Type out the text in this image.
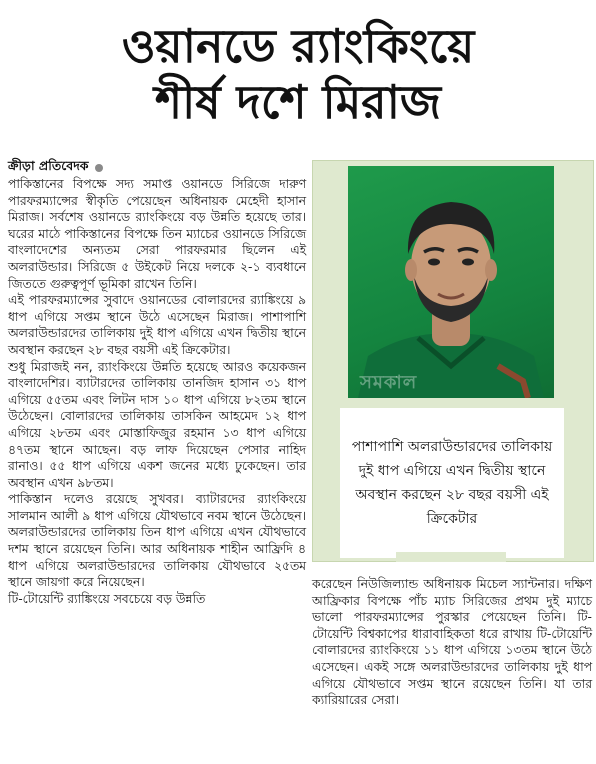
ওয়ানডে র‌্যাংকিংয়ে
শীর্ষ দশে মিরাজ
ক্রীড়া প্রতিবেদক

পাকিস্তানের বিপক্ষে সদ্য সমাপ্ত ওয়ানডে সিরিজে দারুণ পারফরম্যান্সের স্বীকৃতি পেয়েছেন অধিনায়ক মেহেদী হাসান মিরাজ। সর্বশেষ ওয়ানডে র‌্যাংকিংয়ে বড় উন্নতি হয়েছে তার। ঘরের মাঠে পাকিস্তানের বিপক্ষে তিন ম্যাচের ওয়ানডে সিরিজে বাংলাদেশের অন্যতম সেরা পারফরমার ছিলেন এই অলরাউন্ডার। সিরিজে ৫ উইকেট নিয়ে দলকে ২-১ ব্যবধানে জিততে গুরুত্বপূর্ণ ভূমিকা রাখেন তিনি।

এই পারফরম্যান্সের সুবাদে ওয়ানডের বোলারদের র‌্যাঙ্কিংয়ে ৯ ধাপ এগিয়ে সপ্তম স্থানে উঠে এসেছেন মিরাজ। পাশাপাশি অলরাউন্ডারদের তালিকায় দুই ধাপ এগিয়ে এখন দ্বিতীয় স্থানে অবস্থান করছেন ২৮ বছর বয়সী এই ক্রিকেটার।

শুধু মিরাজই নন, র‌্যাংকিংয়ে উন্নতি হয়েছে আরও কয়েকজন বাংলাদেশির। ব্যাটারদের তালিকায় তানজিদ হাসান ৩১ ধাপ এগিয়ে ৫৫তম এবং লিটন দাস ১০ ধাপ এগিয়ে ৮২তম স্থানে উঠেছেন। বোলারদের তালিকায় তাসকিন আহমেদ ১২ ধাপ এগিয়ে ২৮তম এবং মোস্তাফিজুর রহমান ১৩ ধাপ এগিয়ে ৪৭তম স্থানে আছেন। বড় লাফ দিয়েছেন পেসার নাহিদ রানাও। ৫৫ ধাপ এগিয়ে একশ জনের মধ্যে ঢুকেছেন। তার অবস্থান এখন ৯৮তম।

পাকিস্তান দলেও রয়েছে সুখবর। ব্যাটারদের র‌্যাংকিংয়ে সালমান আলী ৯ ধাপ এগিয়ে যৌথভাবে নবম স্থানে উঠেছেন। অলরাউন্ডারদের তালিকায় তিন ধাপ এগিয়ে এখন যৌথভাবে দশম স্থানে রয়েছেন তিনি। আর অধিনায়ক শাহীন আফ্রিদি ৪ ধাপ এগিয়ে অলরাউন্ডারদের তালিকায় যৌথভাবে ২৫তম স্থানে জায়গা করে নিয়েছেন।

টি-টোয়েন্টি র‌্যাঙ্কিংয়ে সবচেয়ে বড় উন্নতি

সমকাল
পাশাপাশি অলরাউন্ডারদের তালিকায় দুই ধাপ এগিয়ে এখন দ্বিতীয় স্থানে অবস্থান করছেন ২৮ বছর বয়সী এই ক্রিকেটার

করেছেন নিউজিল্যান্ড অধিনায়ক মিচেল স্যান্টনার। দক্ষিণ আফ্রিকার বিপক্ষে পাঁচ ম্যাচ সিরিজের প্রথম দুই ম্যাচে ভালো পারফরম্যান্সের পুরস্কার পেয়েছেন তিনি। টি-টোয়েন্টি বিশ্বকাপের ধারাবাহিকতা ধরে রাখায় টি-টোয়েন্টি বোলারদের র‌্যাংকিংয়ে ১১ ধাপ এগিয়ে ১৩তম স্থানে উঠে এসেছেন। একই সঙ্গে অলরাউন্ডারদের তালিকায় দুই ধাপ এগিয়ে যৌথভাবে সপ্তম স্থানে রয়েছেন তিনি। যা তার ক্যারিয়ারের সেরা।
